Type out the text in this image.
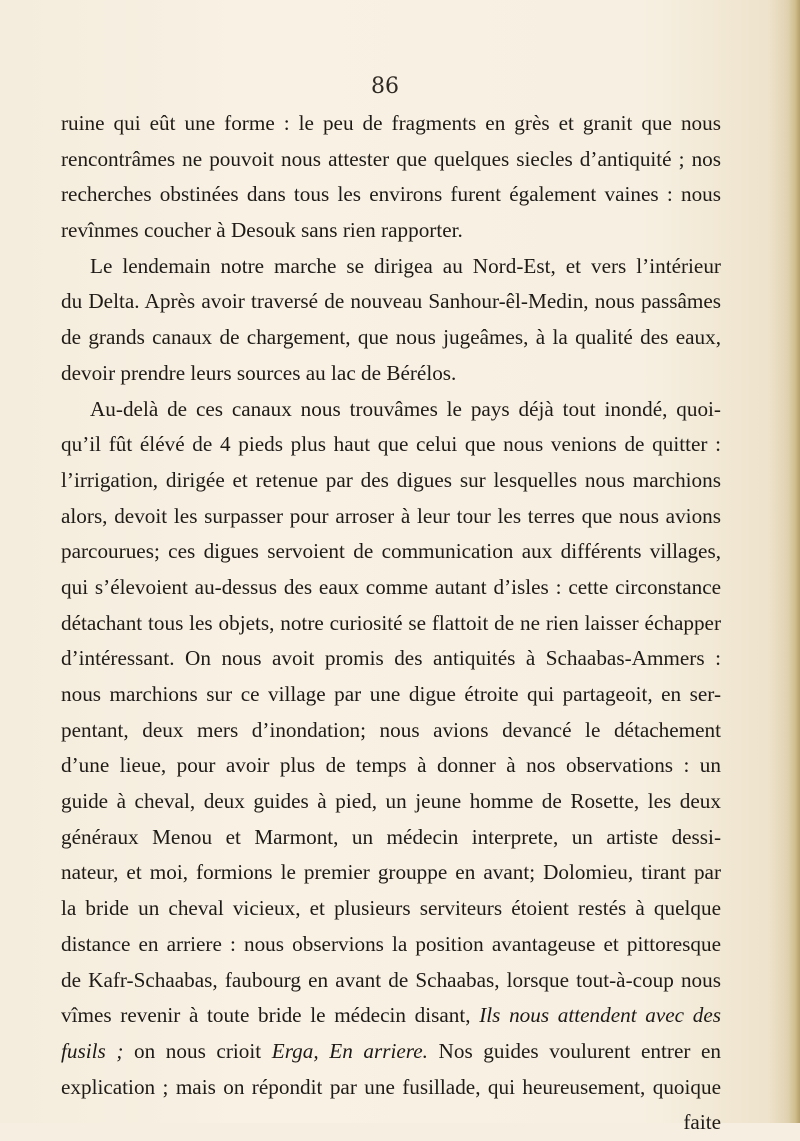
86

ruine qui eût une forme : le peu de fragments en grès et granit que nous
rencontrâmes ne pouvoit nous attester que quelques siecles d’antiquité ; nos
recherches obstinées dans tous les environs furent également vaines : nous
revînmes coucher à Desouk sans rien rapporter.

Le lendemain notre marche se dirigea au Nord-Est, et vers l’intérieur
du Delta. Après avoir traversé de nouveau Sanhour-êl-Medin, nous passâmes
de grands canaux de chargement, que nous jugeâmes, à la qualité des eaux,
devoir prendre leurs sources au lac de Bérélos.

Au-delà de ces canaux nous trouvâmes le pays déjà tout inondé, quoi-
qu’il fût élévé de 4 pieds plus haut que celui que nous venions de quitter :
l’irrigation, dirigée et retenue par des digues sur lesquelles nous marchions
alors, devoit les surpasser pour arroser à leur tour les terres que nous avions
parcourues; ces digues servoient de communication aux différents villages,
qui s’élevoient au-dessus des eaux comme autant d’isles : cette circonstance
détachant tous les objets, notre curiosité se flattoit de ne rien laisser échapper
d’intéressant. On nous avoit promis des antiquités à Schaabas-Ammers :
nous marchions sur ce village par une digue étroite qui partageoit, en ser-
pentant, deux mers d’inondation; nous avions devancé le détachement
d’une lieue, pour avoir plus de temps à donner à nos observations : un
guide à cheval, deux guides à pied, un jeune homme de Rosette, les deux
généraux Menou et Marmont, un médecin interprete, un artiste dessi-
nateur, et moi, formions le premier grouppe en avant; Dolomieu, tirant par
la bride un cheval vicieux, et plusieurs serviteurs étoient restés à quelque
distance en arriere : nous observions la position avantageuse et pittoresque
de Kafr-Schaabas, faubourg en avant de Schaabas, lorsque tout-à-coup nous
vîmes revenir à toute bride le médecin disant, Ils nous attendent avec des
fusils ; on nous crioit Erga, En arriere. Nos guides voulurent entrer en
explication ; mais on répondit par une fusillade, qui heureusement, quoique
faite
